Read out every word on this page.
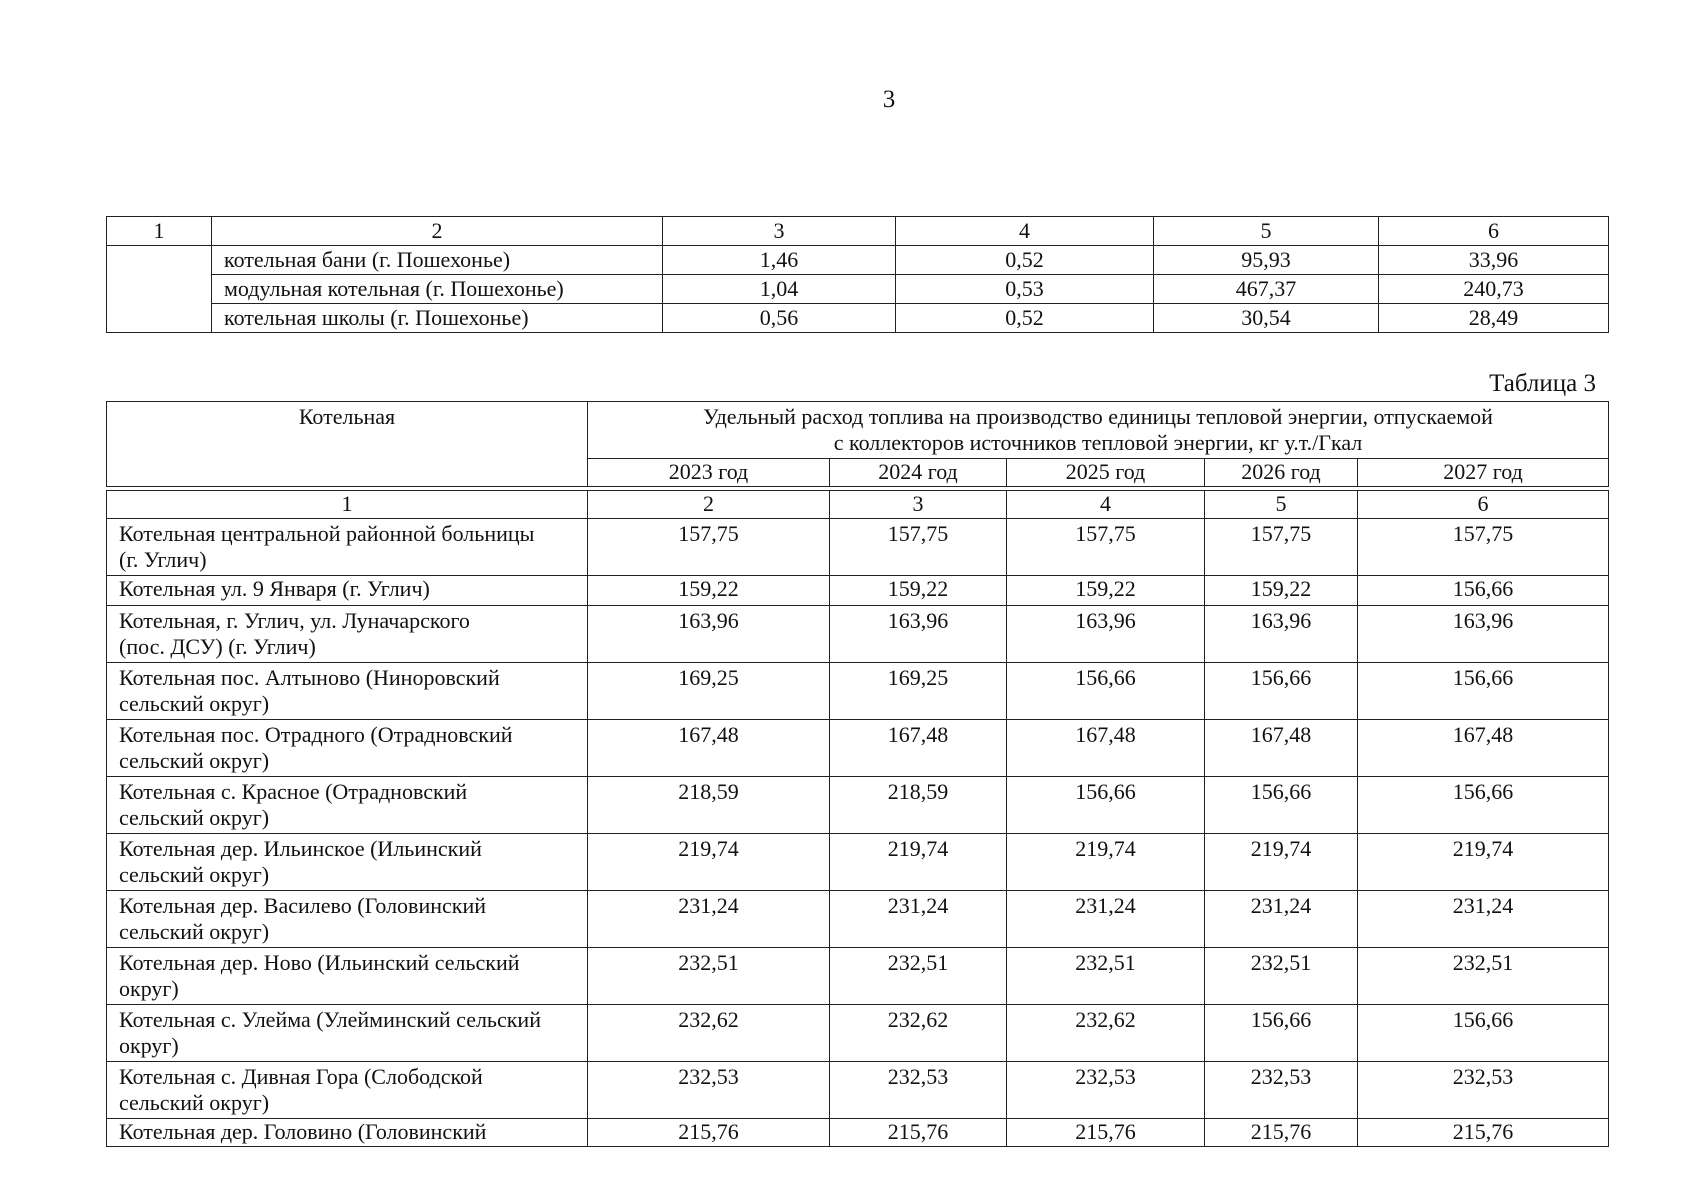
3
1	2	3	4	5	6
	котельная бани (г. Пошехонье)	1,46	0,52	95,93	33,96
	модульная котельная (г. Пошехонье)	1,04	0,53	467,37	240,73
	котельная школы (г. Пошехонье)	0,56	0,52	30,54	28,49
Таблица 3
Котельная	Удельный расход топлива на производство единицы тепловой энергии, отпускаемой
с коллекторов источников тепловой энергии, кг у.т./Гкал				

	2023 год	2024 год	2025 год	2026 год	2027 год

1	2	3	4	5	6

Котельная центральной районной больницы
(г. Углич)	157,75	157,75	157,75	157,75	157,75
Котельная ул. 9 Января (г. Углич)	159,22	159,22	159,22	159,22	156,66

Котельная, г. Углич, ул. Луначарского
(пос. ДСУ) (г. Углич)	163,96	163,96	163,96	163,96	163,96

Котельная пос. Алтыново (Ниноровский
сельский округ)	169,25	169,25	156,66	156,66	156,66

Котельная пос. Отрадного (Отрадновский
сельский округ)	167,48	167,48	167,48	167,48	167,48

Котельная с. Красное (Отрадновский
сельский округ)	218,59	218,59	156,66	156,66	156,66

Котельная дер. Ильинское (Ильинский
сельский округ)	219,74	219,74	219,74	219,74	219,74

Котельная дер. Василево (Головинский
сельский округ)	231,24	231,24	231,24	231,24	231,24

Котельная дер. Ново (Ильинский сельский
округ)	232,51	232,51	232,51	232,51	232,51

Котельная с. Улейма (Улейминский сельский
округ)	232,62	232,62	232,62	156,66	156,66

Котельная с. Дивная Гора (Слободской
сельский округ)	232,53	232,53	232,53	232,53	232,53
Котельная дер. Головино (Головинский	215,76	215,76	215,76	215,76	215,76
